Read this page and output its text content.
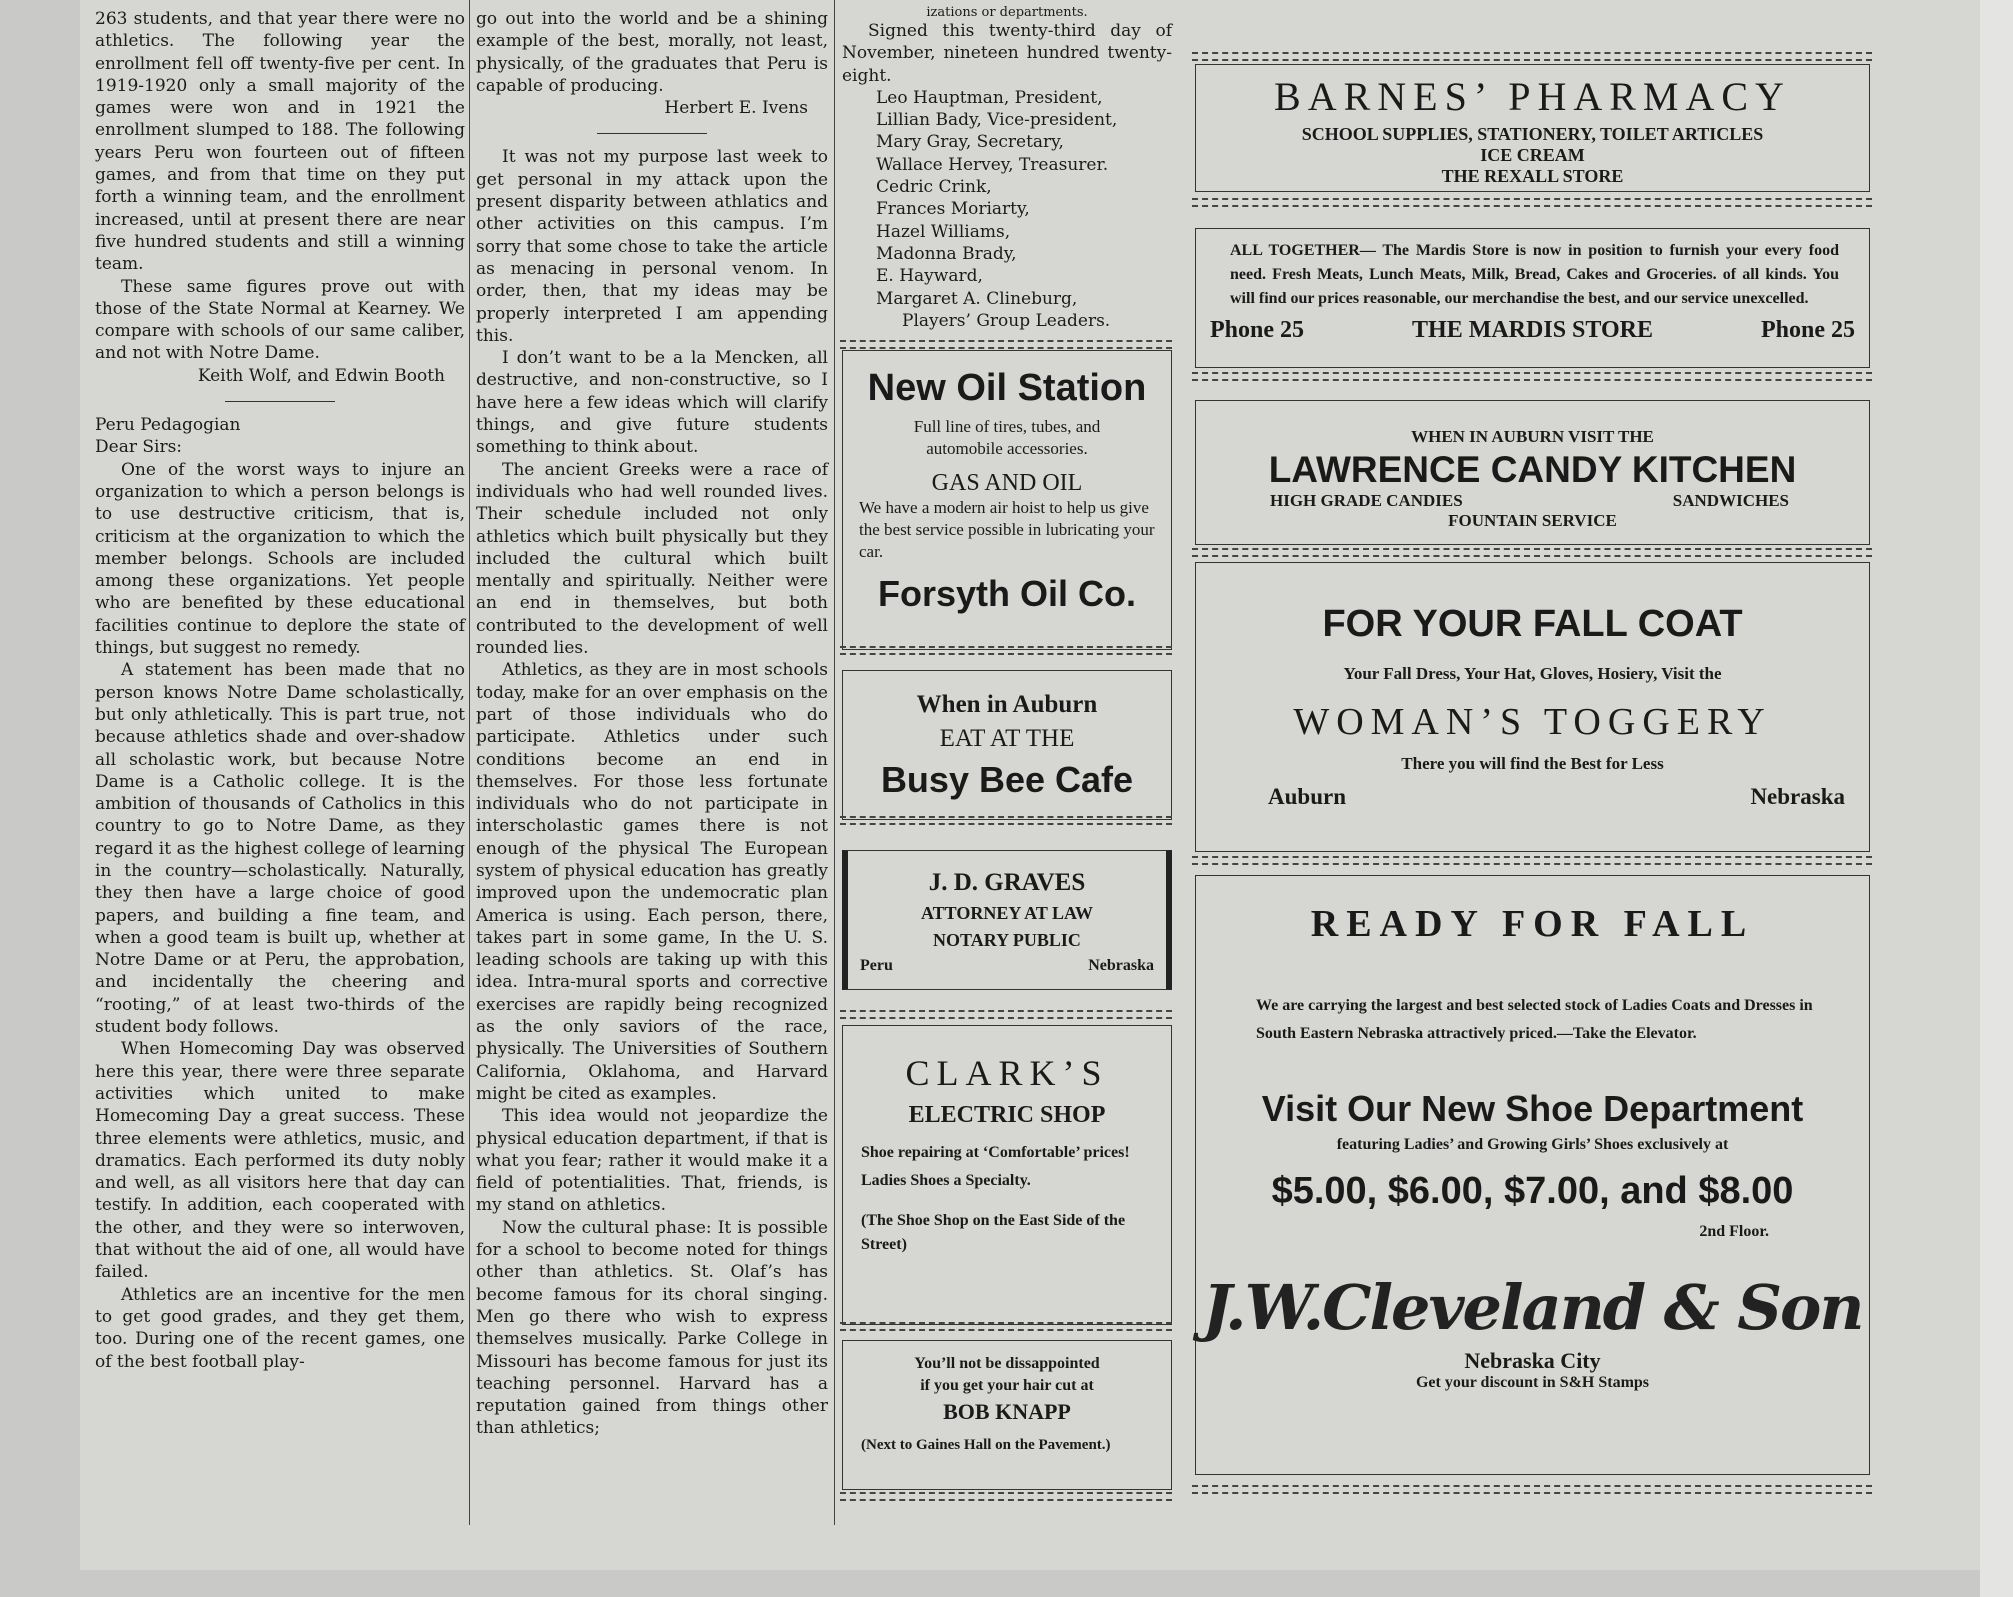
263 students, and that year there were no athletics. The following year the enrollment fell off twenty-five per cent. In 1919-1920 only a small majority of the games were won and in 1921 the enrollment slumped to 188. The following years Peru won fourteen out of fifteen games, and from that time on they put forth a winning team, and the enrollment increased, until at present there are near five hundred students and still a winning team.

These same figures prove out with those of the State Normal at Kearney. We compare with schools of our same caliber, and not with Notre Dame.

Keith Wolf, and Edwin Booth

Peru Pedagogian

Dear Sirs:

One of the worst ways to injure an organization to which a person belongs is to use destructive criticism, that is, criticism at the organization to which the member belongs. Schools are included among these organizations. Yet people who are benefited by these educational facilities continue to deplore the state of things, but suggest no remedy.

A statement has been made that no person knows Notre Dame scholastically, but only athletically. This is part true, not because athletics shade and over-shadow all scholastic work, but because Notre Dame is a Catholic college. It is the ambition of thousands of Catholics in this country to go to Notre Dame, as they regard it as the highest college of learning in the country—scholastically. Naturally, they then have a large choice of good papers, and building a fine team, and when a good team is built up, whether at Notre Dame or at Peru, the approbation, and incidentally the cheering and “rooting,” of at least two-thirds of the student body follows.

When Homecoming Day was observed here this year, there were three separate activities which united to make Homecoming Day a great success. These three elements were athletics, music, and dramatics. Each performed its duty nobly and well, as all visitors here that day can testify. In addition, each cooperated with the other, and they were so interwoven, that without the aid of one, all would have failed.

Athletics are an incentive for the men to get good grades, and they get them, too. During one of the recent games, one of the best football play-

go out into the world and be a shining example of the best, morally, not least, physically, of the graduates that Peru is capable of producing.

Herbert E. Ivens

It was not my purpose last week to get personal in my attack upon the present disparity between athlatics and other activities on this campus. I’m sorry that some chose to take the article as menacing in personal venom. In order, then, that my ideas may be properly interpreted I am appending this.

I don’t want to be a la Mencken, all destructive, and non-constructive, so I have here a few ideas which will clarify things, and give future students something to think about.

The ancient Greeks were a race of individuals who had well rounded lives. Their schedule included not only athletics which built physically but they included the cultural which built mentally and spiritually. Neither were an end in themselves, but both contributed to the development of well rounded lies.

Athletics, as they are in most schools today, make for an over emphasis on the part of those individuals who do participate. Athletics under such conditions become an end in themselves. For those less fortunate individuals who do not participate in interscholastic games there is not enough of the physical The European system of physical education has greatly improved upon the undemocratic plan America is using. Each person, there, takes part in some game, In the U. S. leading schools are taking up with this idea. Intra-mural sports and corrective exercises are rapidly being recognized as the only saviors of the race, physically. The Universities of Southern California, Oklahoma, and Harvard might be cited as examples.

This idea would not jeopardize the physical education department, if that is what you fear; rather it would make it a field of potentialities. That, friends, is my stand on athletics.

Now the cultural phase: It is possible for a school to become noted for things other than athletics. St. Olaf’s has become famous for its choral singing. Men go there who wish to express themselves musically. Parke College in Missouri has become famous for just its teaching personnel. Harvard has a reputation gained from things other than athletics;

izations or departments.

Signed this twenty-third day of November, nineteen hundred twenty-eight.

Leo Hauptman, President,

Lillian Bady, Vice-president,

Mary Gray, Secretary,

Wallace Hervey, Treasurer.

Cedric Crink,

Frances Moriarty,

Hazel Williams,

Madonna Brady,

E. Hayward,

Margaret A. Clineburg,

Players’ Group Leaders.

New Oil Station
Full line of tires, tubes, and
automobile accessories.
GAS AND OIL
We have a modern air hoist to help us give the best service possible in lubricating your car.
Forsyth Oil Co.
When in Auburn
EAT AT THE
Busy Bee Cafe
J. D. GRAVES
ATTORNEY AT LAW
NOTARY PUBLIC
Peru	Nebraska
CLARK’S
ELECTRIC SHOP
Shoe repairing at ‘Comfortable’ prices! Ladies Shoes a Specialty.
(The Shoe Shop on the East Side of the Street)
You’ll not be dissappointed
if you get your hair cut at
BOB KNAPP
(Next to Gaines Hall on the Pavement.)
BARNES’ PHARMACY
SCHOOL SUPPLIES, STATIONERY, TOILET ARTICLES
ICE CREAM
THE REXALL STORE
ALL TOGETHER— The Mardis Store is now in position to furnish your every food need. Fresh Meats, Lunch Meats, Milk, Bread, Cakes and Groceries. of all kinds. You will find our prices reasonable, our merchandise the best, and our service unexcelled.
Phone 25	THE MARDIS STORE	Phone 25
WHEN IN AUBURN VISIT THE
LAWRENCE CANDY KITCHEN
HIGH GRADE CANDIES	SANDWICHES
FOUNTAIN SERVICE
FOR YOUR FALL COAT
Your Fall Dress, Your Hat, Gloves, Hosiery, Visit the
WOMAN’S TOGGERY
There you will find the Best for Less
Auburn	Nebraska
READY FOR FALL
We are carrying the largest and best selected stock of Ladies Coats and Dresses in South Eastern Nebraska attractively priced.—Take the Elevator.
Visit Our New Shoe Department
featuring Ladies’ and Growing Girls’ Shoes exclusively at
$5.00, $6.00, $7.00, and $8.00
2nd Floor.
J.W.Cleveland & Son
Nebraska City
Get your discount in S&H Stamps
